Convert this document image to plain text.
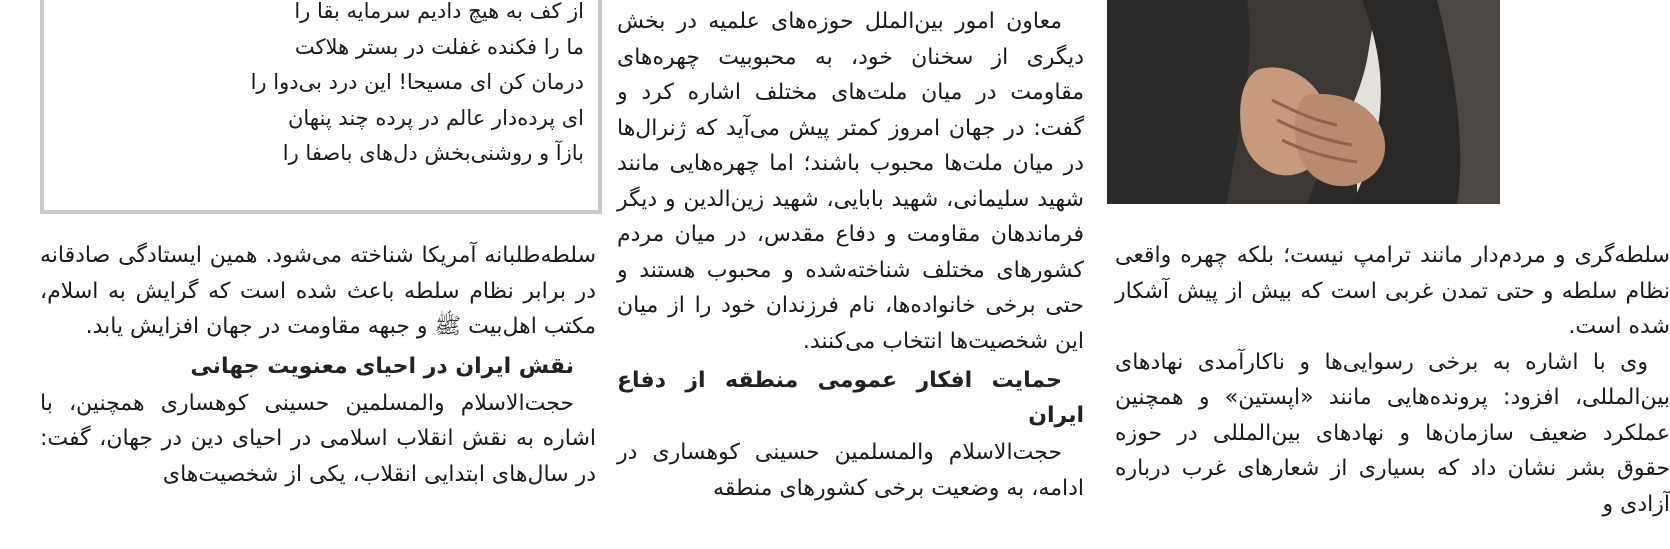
از کف به هیچ دادیم سرمایه بقا را
ما را فکنده غفلت در بستر هلاکت
درمان کن ای مسیحا! این درد بی‌دوا را
ای پرده‌دار عالم در پرده چند پنهان
بازآ و روشنی‌بخش دل‌های باصفا را

سلطه‌طلبانه آمریکا شناخته می‌شود. همین ایستادگی صادقانه در برابر نظام سلطه باعث شده است که گرایش به اسلام، مکتب اهل‌بیت ﷺ و جبهه مقاومت در جهان افزایش یابد.

نقش ایران در احیای معنویت جهانی

حجت‌الاسلام والمسلمین حسینی کوهساری همچنین، با اشاره به نقش انقلاب اسلامی در احیای دین در جهان، گفت: در سال‌های ابتدایی انقلاب، یکی از شخصیت‌های

معاون امور بین‌الملل حوزه‌های علمیه در بخش دیگری از سخنان خود، به محبوبیت چهره‌های مقاومت در میان ملت‌های مختلف اشاره کرد و گفت: در جهان امروز کمتر پیش می‌آید که ژنرال‌ها در میان ملت‌ها محبوب باشند؛ اما چهره‌هایی مانند شهید سلیمانی، شهید بابایی، شهید زین‌الدین و دیگر فرماندهان مقاومت و دفاع مقدس، در میان مردم کشورهای مختلف شناخته‌شده و محبوب هستند و حتی برخی خانواده‌ها، نام فرزندان خود را از میان این شخصیت‌ها انتخاب می‌کنند.

حمایت افکار عمومی منطقه از دفاع ایران

حجت‌الاسلام والمسلمین حسینی کوهساری در ادامه، به وضعیت برخی کشورهای منطقه

سلطه‌گری و مردم‌دار مانند ترامپ نیست؛ بلکه چهره واقعی نظام سلطه و حتی تمدن غربی است که بیش از پیش آشکار شده است.

وی با اشاره به برخی رسوایی‌ها و ناکارآمدی نهادهای بین‌المللی، افزود: پرونده‌هایی مانند «اپستین» و همچنین عملکرد ضعیف سازمان‌ها و نهادهای بین‌المللی در حوزه حقوق بشر نشان داد که بسیاری از شعارهای غرب درباره آزادی و
